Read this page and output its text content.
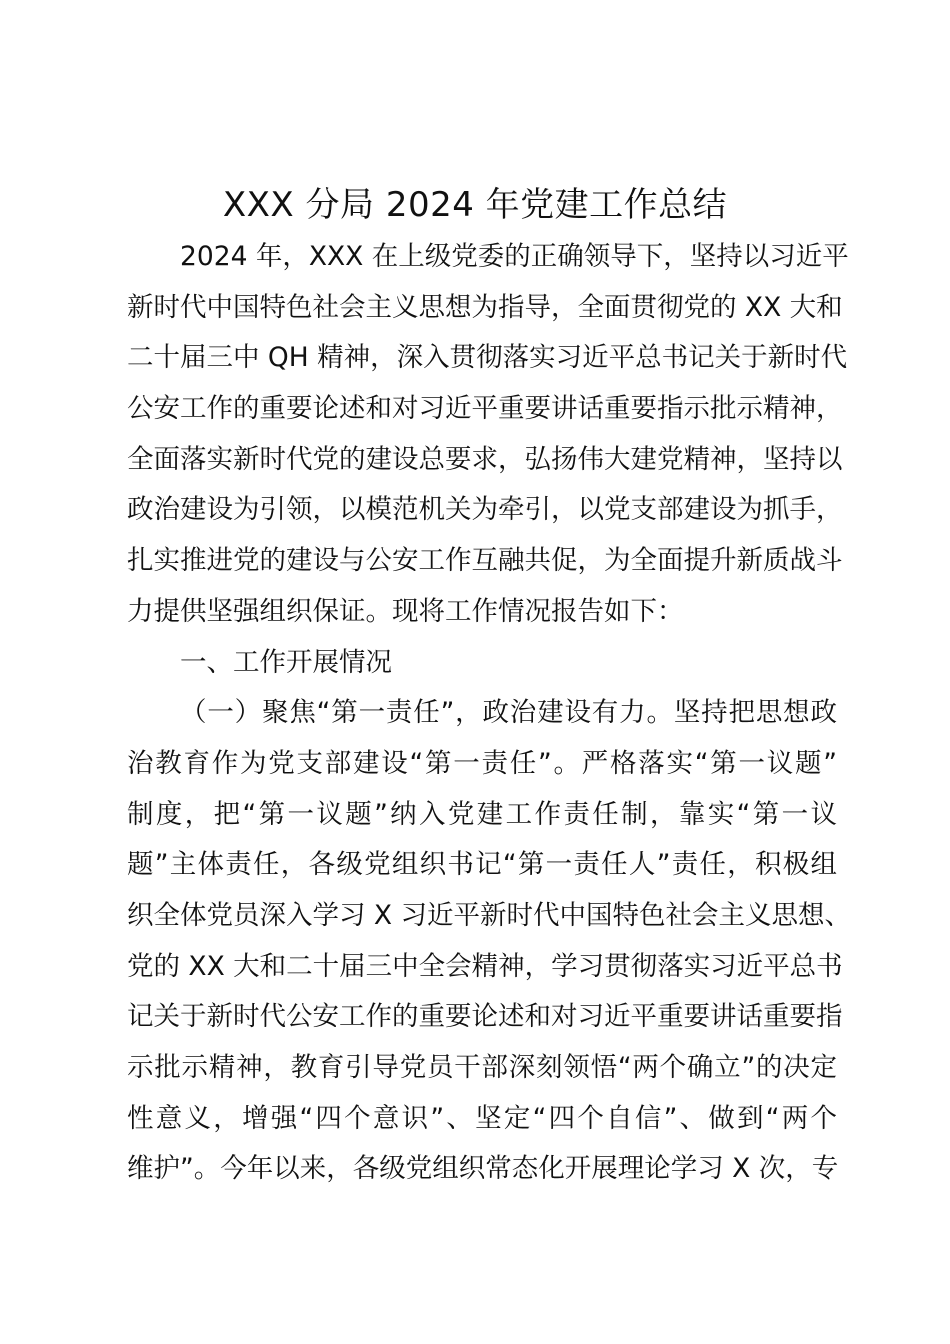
XXX 分局 2024 年党建工作总结
2024 年，XXX 在上级党委的正确领导下，坚持以习近平
新时代中国特色社会主义思想为指导，全面贯彻党的 XX 大和
二十届三中 QH 精神，深入贯彻落实习近平总书记关于新时代
公安工作的重要论述和对习近平重要讲话重要指示批示精神，
全面落实新时代党的建设总要求，弘扬伟大建党精神，坚持以
政治建设为引领，以模范机关为牵引，以党支部建设为抓手，
扎实推进党的建设与公安工作互融共促，为全面提升新质战斗
力提供坚强组织保证。现将工作情况报告如下：
一、工作开展情况
（一）聚焦“第一责任”，政治建设有力。坚持把思想政
治教育作为党支部建设“第一责任”。严格落实“第一议题”
制度，把“第一议题”纳入党建工作责任制，靠实“第一议
题”主体责任，各级党组织书记“第一责任人”责任，积极组
织全体党员深入学习 X 习近平新时代中国特色社会主义思想、
党的 XX 大和二十届三中全会精神，学习贯彻落实习近平总书
记关于新时代公安工作的重要论述和对习近平重要讲话重要指
示批示精神，教育引导党员干部深刻领悟“两个确立”的决定
性意义，增强“四个意识”、坚定“四个自信”、做到“两个
维护”。今年以来，各级党组织常态化开展理论学习 X 次，专
